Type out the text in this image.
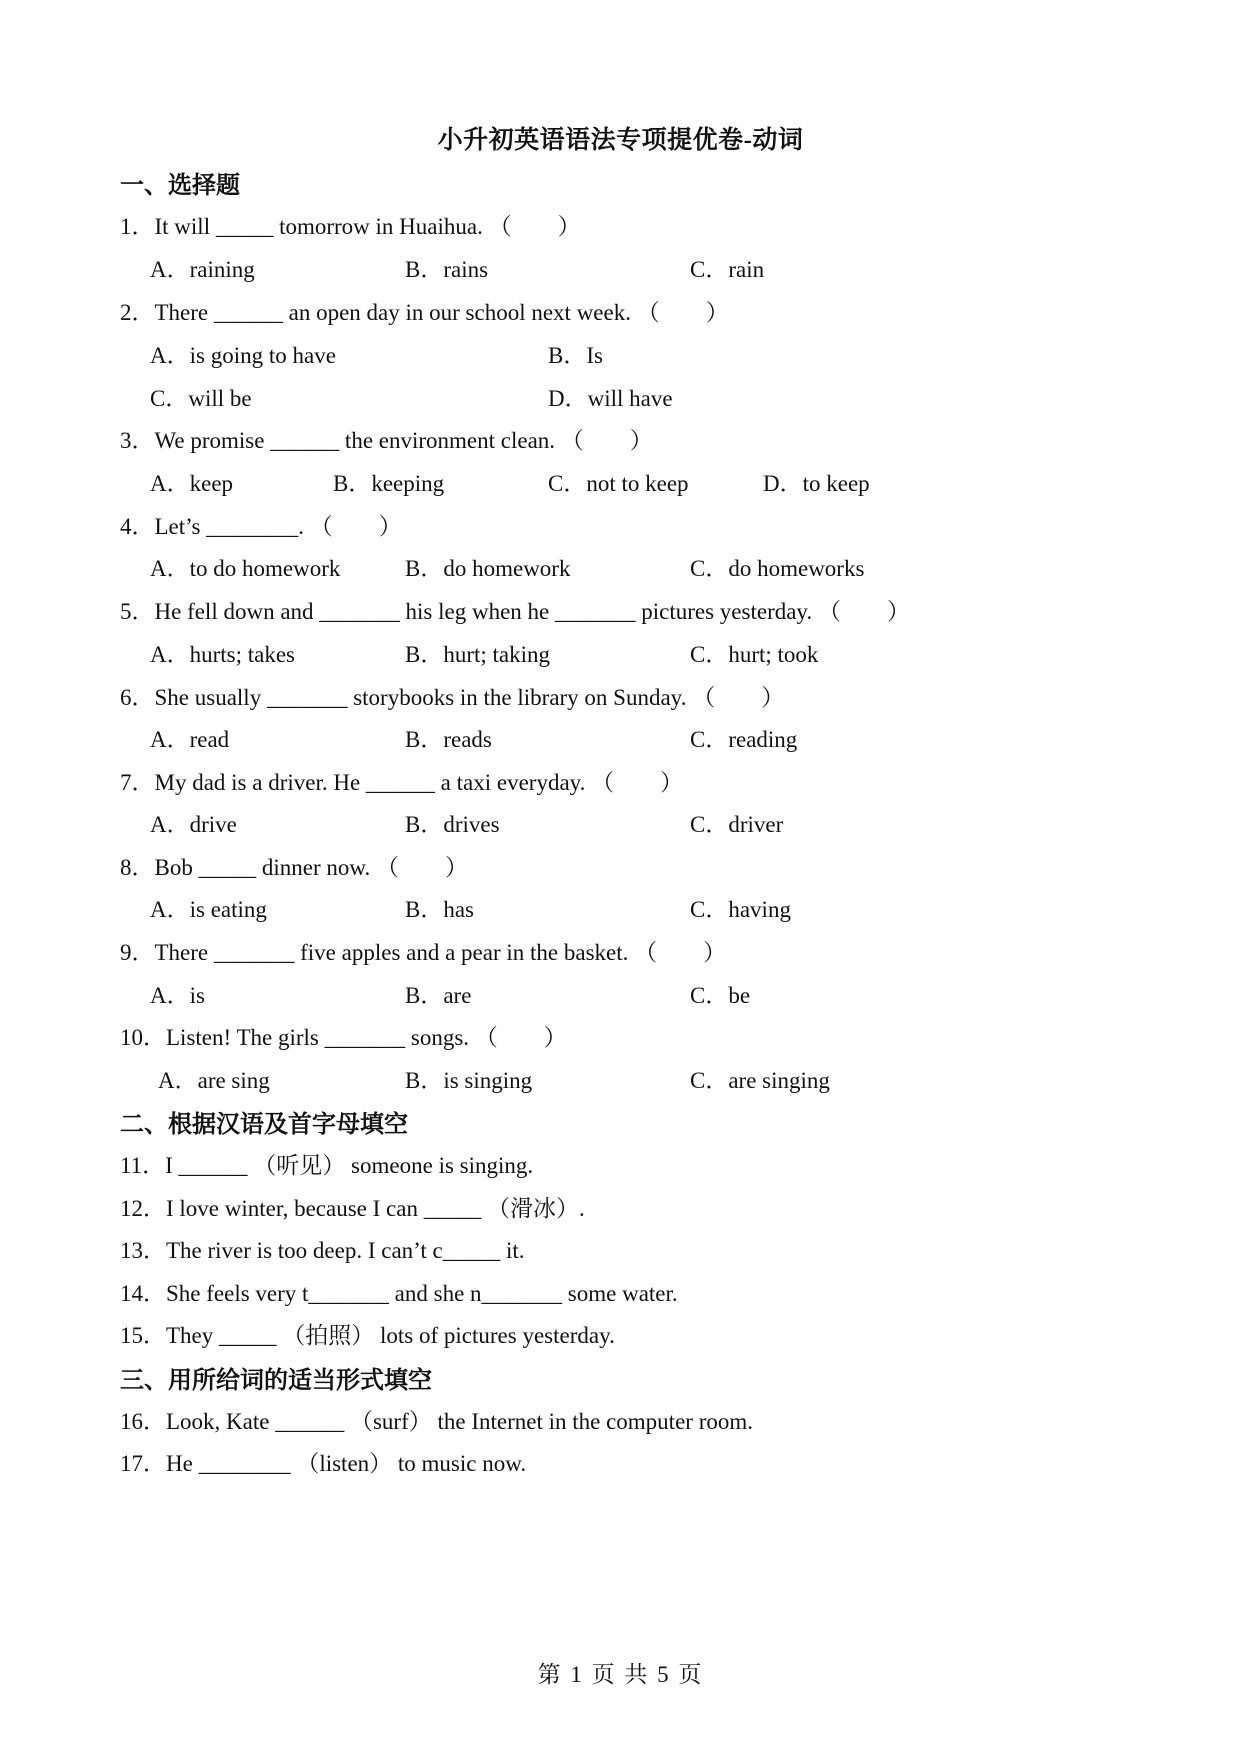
小升初英语语法专项提优卷-动词
一、选择题
1．It will _____ tomorrow in Huaihua. （　　）
A．raining	B．rains	C．rain
2．There ______ an open day in our school next week. （　　）
A．is going to have	B．Is
C．will be	D．will have
3．We promise ______ the environment clean. （　　）
A．keep	B．keeping	C．not to keep	D．to keep
4．Let’s ________. （　　）
A．to do homework	B．do homework	C．do homeworks
5．He fell down and _______ his leg when he _______ pictures yesterday. （　　）
A．hurts; takes	B．hurt; taking	C．hurt; took
6．She usually _______ storybooks in the library on Sunday. （　　）
A．read	B．reads	C．reading
7．My dad is a driver. He ______ a taxi everyday. （　　）
A．drive	B．drives	C．driver
8．Bob _____ dinner now. （　　）
A．is eating	B．has	C．having
9．There _______ five apples and a pear in the basket. （　　）
A．is	B．are	C．be
10．Listen! The girls _______ songs. （　　）
A．are sing	B．is singing	C．are singing
二、根据汉语及首字母填空
11．I ______ （听见） someone is singing.
12．I love winter, because I can _____ （滑冰）.
13．The river is too deep. I can’t c_____ it.
14．She feels very t_______ and she n_______ some water.
15．They _____ （拍照） lots of pictures yesterday.
三、用所给词的适当形式填空
16．Look, Kate ______ （surf） the Internet in the computer room.
17．He ________ （listen） to music now.
第 1 页 共 5 页
